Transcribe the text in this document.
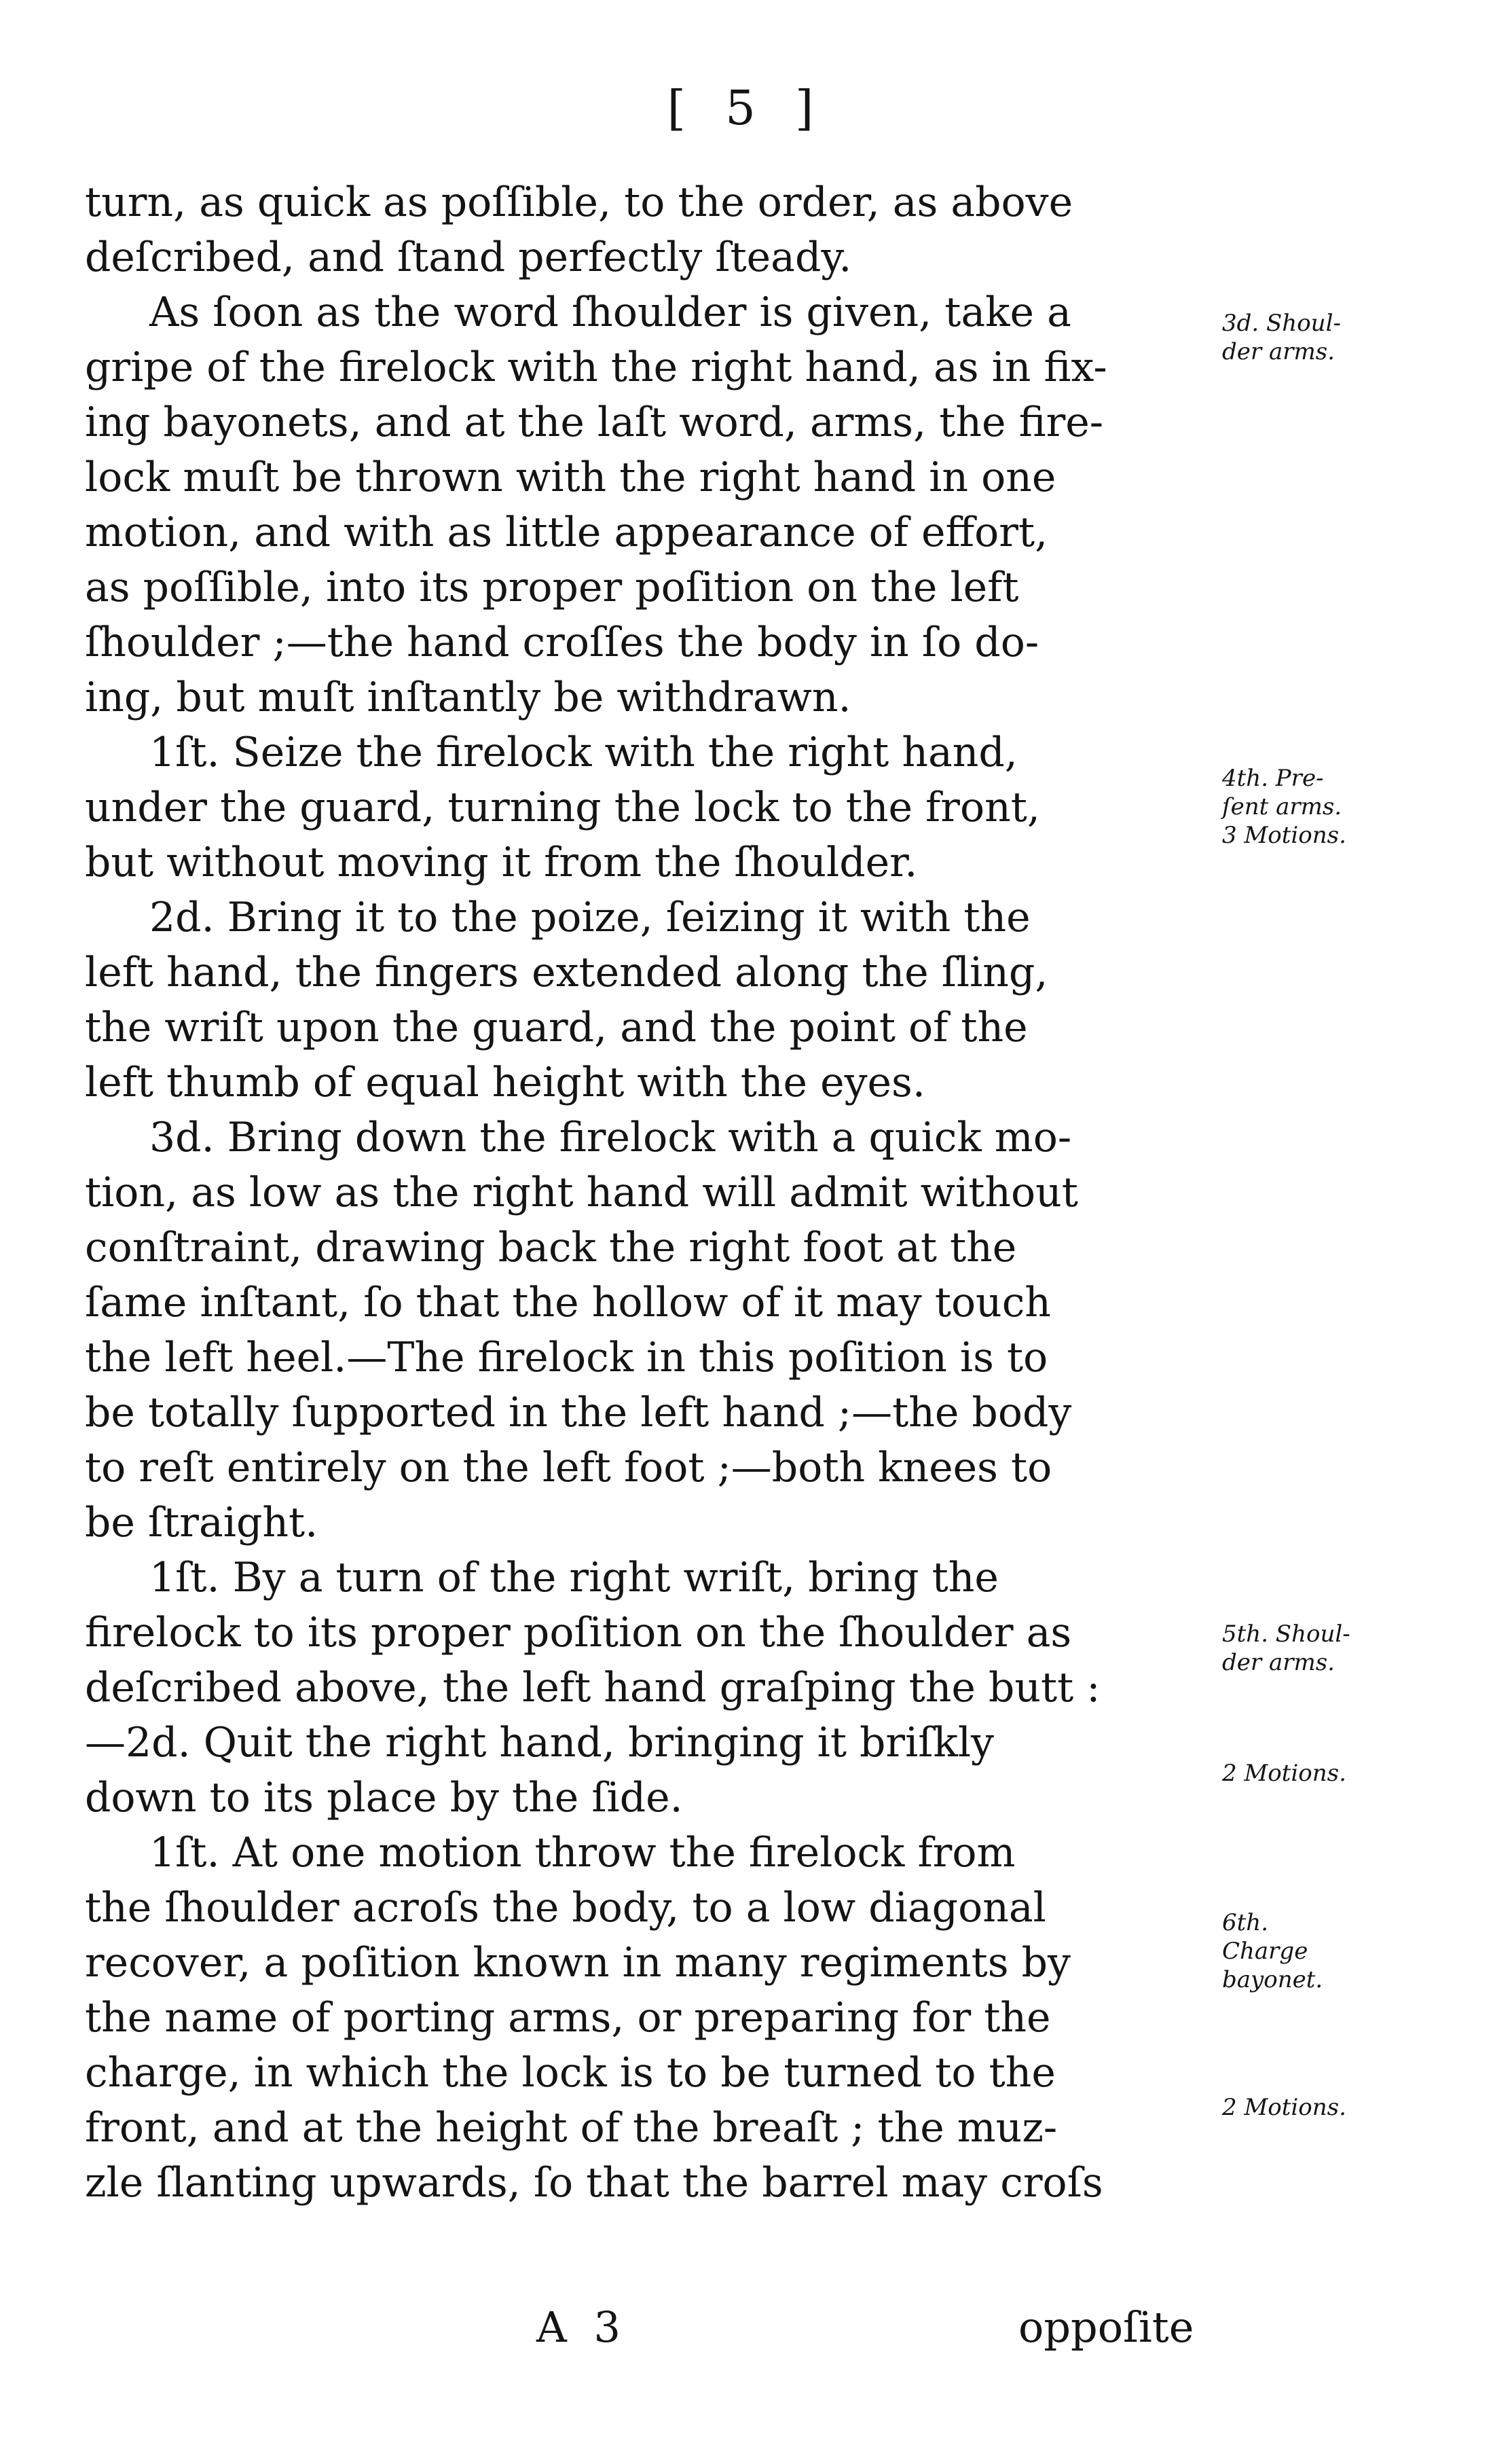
[ 5 ]
turn, as quick as poſſible, to the order, as above
deſcribed, and ſtand perfectly ſteady.
As ſoon as the word ſhoulder is given, take a
gripe of the firelock with the right hand, as in fix-
ing bayonets, and at the laſt word, arms, the fire-
lock muſt be thrown with the right hand in one
motion, and with as little appearance of effort,
as poſſible, into its proper poſition on the left
ſhoulder ;—the hand croſſes the body in ſo do-
ing, but muſt inſtantly be withdrawn.
1ſt. Seize the firelock with the right hand,
under the guard, turning the lock to the front,
but without moving it from the ſhoulder.
2d. Bring it to the poize, ſeizing it with the
left hand, the fingers extended along the ſling,
the wriſt upon the guard, and the point of the
left thumb of equal height with the eyes.
3d. Bring down the firelock with a quick mo-
tion, as low as the right hand will admit without
conſtraint, drawing back the right foot at the
ſame inſtant, ſo that the hollow of it may touch
the left heel.—The firelock in this poſition is to
be totally ſupported in the left hand ;—the body
to reſt entirely on the left foot ;—both knees to
be ſtraight.
1ſt. By a turn of the right wriſt, bring the
firelock to its proper poſition on the ſhoulder as
deſcribed above, the left hand graſping the butt :
—2d. Quit the right hand, bringing it briſkly
down to its place by the ſide.
1ſt. At one motion throw the firelock from
the ſhoulder acroſs the body, to a low diagonal
recover, a poſition known in many regiments by
the name of porting arms, or preparing for the
charge, in which the lock is to be turned to the
front, and at the height of the breaſt ; the muz-
zle ſlanting upwards, ſo that the barrel may croſs
3d. Shoul-
der arms.
4th. Pre-
ſent arms.
3 Motions.
5th. Shoul-
der arms.
2 Motions.
6th.
Charge
bayonet.
2 Motions.
A 3	oppoſite
